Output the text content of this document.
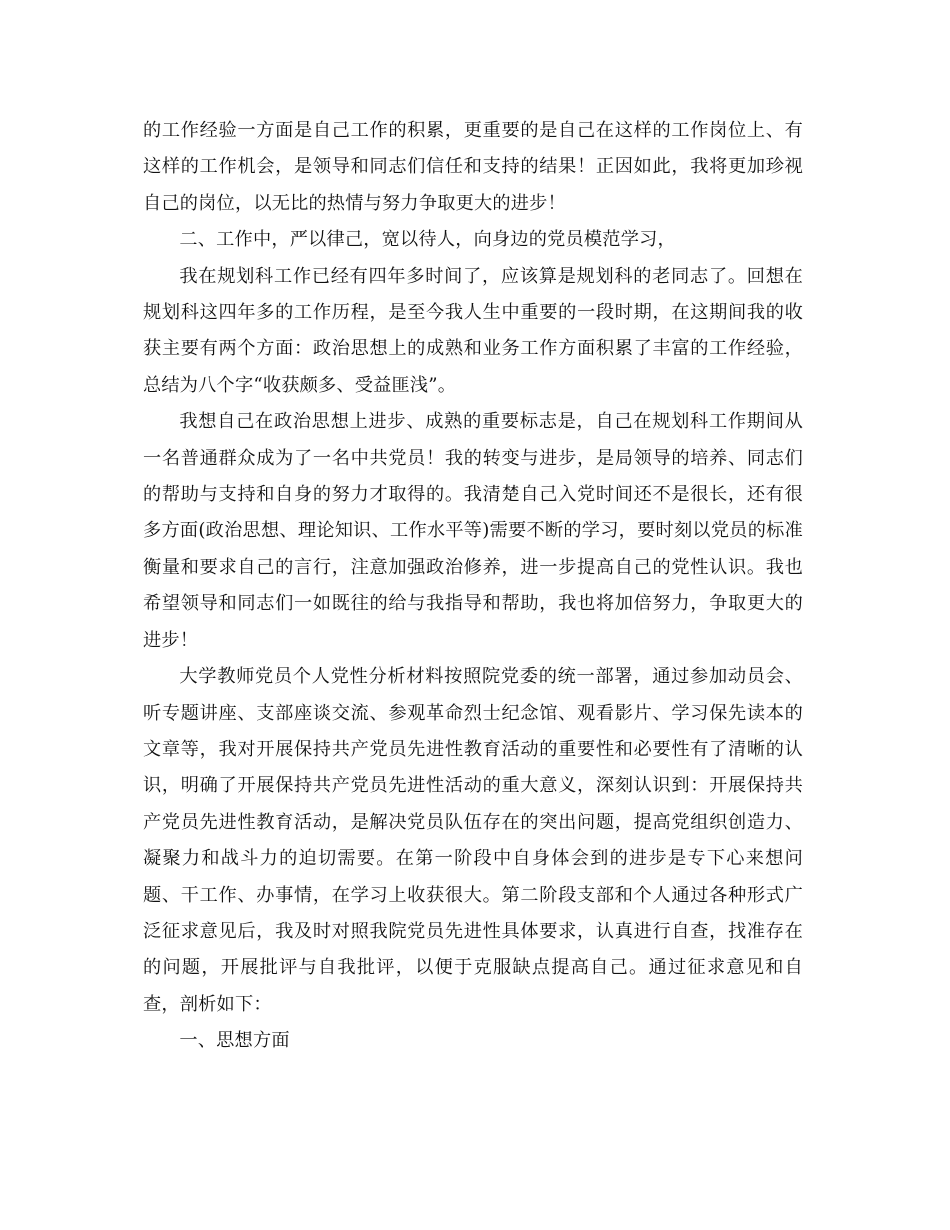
的工作经验一方面是自己工作的积累，更重要的是自己在这样的工作岗位上、有这样的工作机会，是领导和同志们信任和支持的结果！正因如此，我将更加珍视自己的岗位，以无比的热情与努力争取更大的进步！

二、工作中，严以律己，宽以待人，向身边的党员模范学习，

我在规划科工作已经有四年多时间了，应该算是规划科的老同志了。回想在规划科这四年多的工作历程，是至今我人生中重要的一段时期，在这期间我的收获主要有两个方面：政治思想上的成熟和业务工作方面积累了丰富的工作经验，总结为八个字“收获颇多、受益匪浅”。

我想自己在政治思想上进步、成熟的重要标志是，自己在规划科工作期间从一名普通群众成为了一名中共党员！我的转变与进步，是局领导的培养、同志们的帮助与支持和自身的努力才取得的。我清楚自己入党时间还不是很长，还有很多方面(政治思想、理论知识、工作水平等)需要不断的学习，要时刻以党员的标准衡量和要求自己的言行，注意加强政治修养，进一步提高自己的党性认识。我也希望领导和同志们一如既往的给与我指导和帮助，我也将加倍努力，争取更大的进步！

大学教师党员个人党性分析材料按照院党委的统一部署，通过参加动员会、听专题讲座、支部座谈交流、参观革命烈士纪念馆、观看影片、学习保先读本的文章等，我对开展保持共产党员先进性教育活动的重要性和必要性有了清晰的认识，明确了开展保持共产党员先进性活动的重大意义，深刻认识到：开展保持共产党员先进性教育活动，是解决党员队伍存在的突出问题，提高党组织创造力、凝聚力和战斗力的迫切需要。在第一阶段中自身体会到的进步是专下心来想问题、干工作、办事情，在学习上收获很大。第二阶段支部和个人通过各种形式广泛征求意见后，我及时对照我院党员先进性具体要求，认真进行自查，找准存在的问题，开展批评与自我批评，以便于克服缺点提高自己。通过征求意见和自查，剖析如下：

一、思想方面
